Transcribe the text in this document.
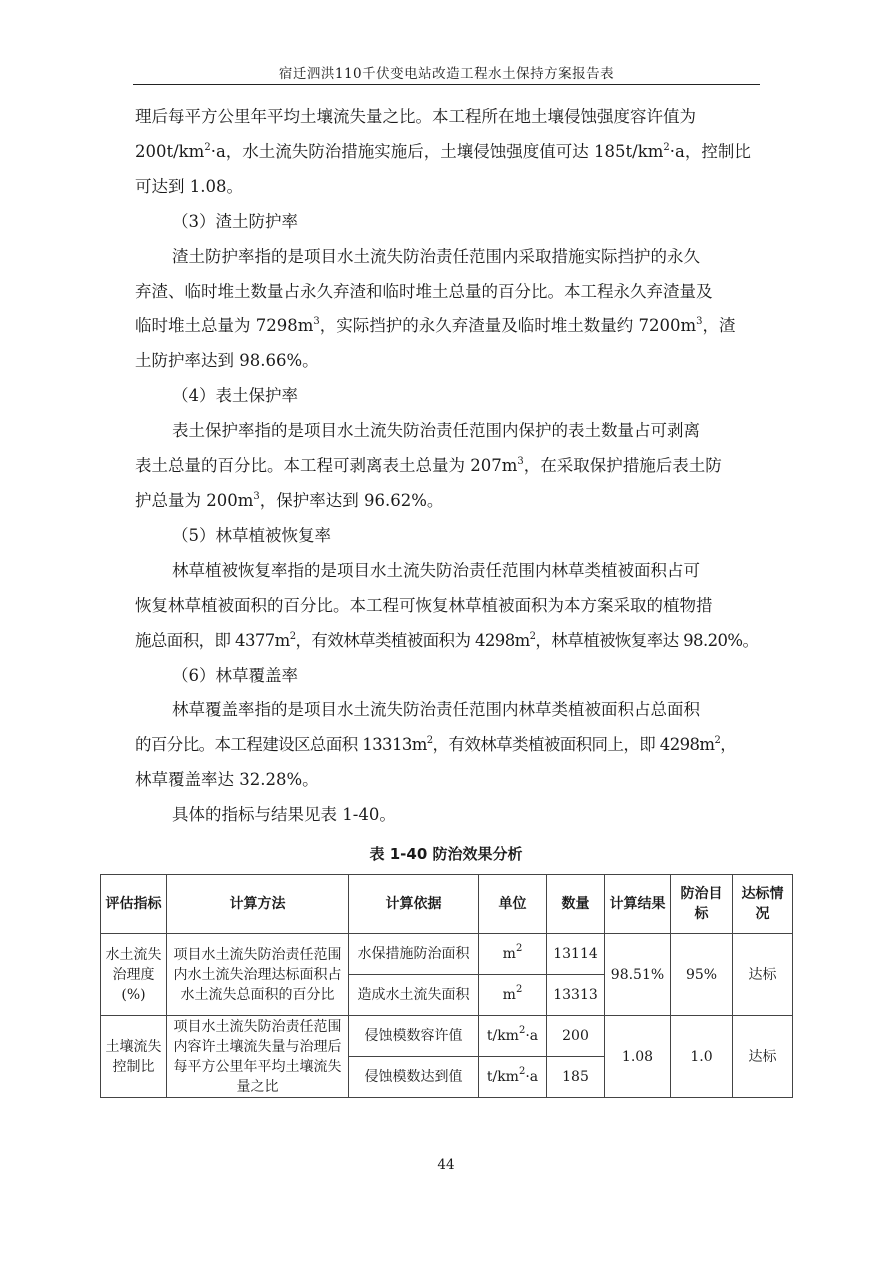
宿迁泗洪110千伏变电站改造工程水土保持方案报告表

理后每平方公里年平均土壤流失量之比。本工程所在地土壤侵蚀强度容许值为
$200t/km^2\cdot a$，水土流失防治措施实施后，土壤侵蚀强度值可达 $185t/km^2\cdot a$，控制比
可达到 1.08。

（3）渣土防护率

渣土防护率指的是项目水土流失防治责任范围内采取措施实际挡护的永久

弃渣、临时堆土数量占永久弃渣和临时堆土总量的百分比。本工程永久弃渣量及
临时堆土总量为 $7298m^3$，实际挡护的永久弃渣量及临时堆土数量约 $7200m^3$，渣
土防护率达到 98.66%。

（4）表土保护率

表土保护率指的是项目水土流失防治责任范围内保护的表土数量占可剥离

表土总量的百分比。本工程可剥离表土总量为 $207m^3$，在采取保护措施后表土防
护总量为 $200m^3$，保护率达到 96.62%。

（5）林草植被恢复率

林草植被恢复率指的是项目水土流失防治责任范围内林草类植被面积占可

恢复林草植被面积的百分比。本工程可恢复林草植被面积为本方案采取的植物措
施总面积，即 $4377m^2$，有效林草类植被面积为 $4298m^2$，林草植被恢复率达 98.20%。

（6）林草覆盖率

林草覆盖率指的是项目水土流失防治责任范围内林草类植被面积占总面积

的百分比。本工程建设区总面积 $13313m^2$，有效林草类植被面积同上，即 $4298m^2$，
林草覆盖率达 32.28%。

具体的指标与结果见表 1-40。

表 1-40 防治效果分析
评估指标	计算方法	计算依据	单位	数量	计算结果	防治目标	达标情况
水土流失治理度(%)	项目水土流失防治责任范围内水土流失治理达标面积占水土流失总面积的百分比	水保措施防治面积	$m^2$	13114	98.51%	95%	达标
		造成水土流失面积	$m^2$	13313			
土壤流失控制比	项目水土流失防治责任范围内容许土壤流失量与治理后每平方公里年平均土壤流失量之比	侵蚀模数容许值	$t/km^2\cdot a$	200	1.08	1.0	达标
		侵蚀模数达到值	$t/km^2\cdot a$	185			
44
